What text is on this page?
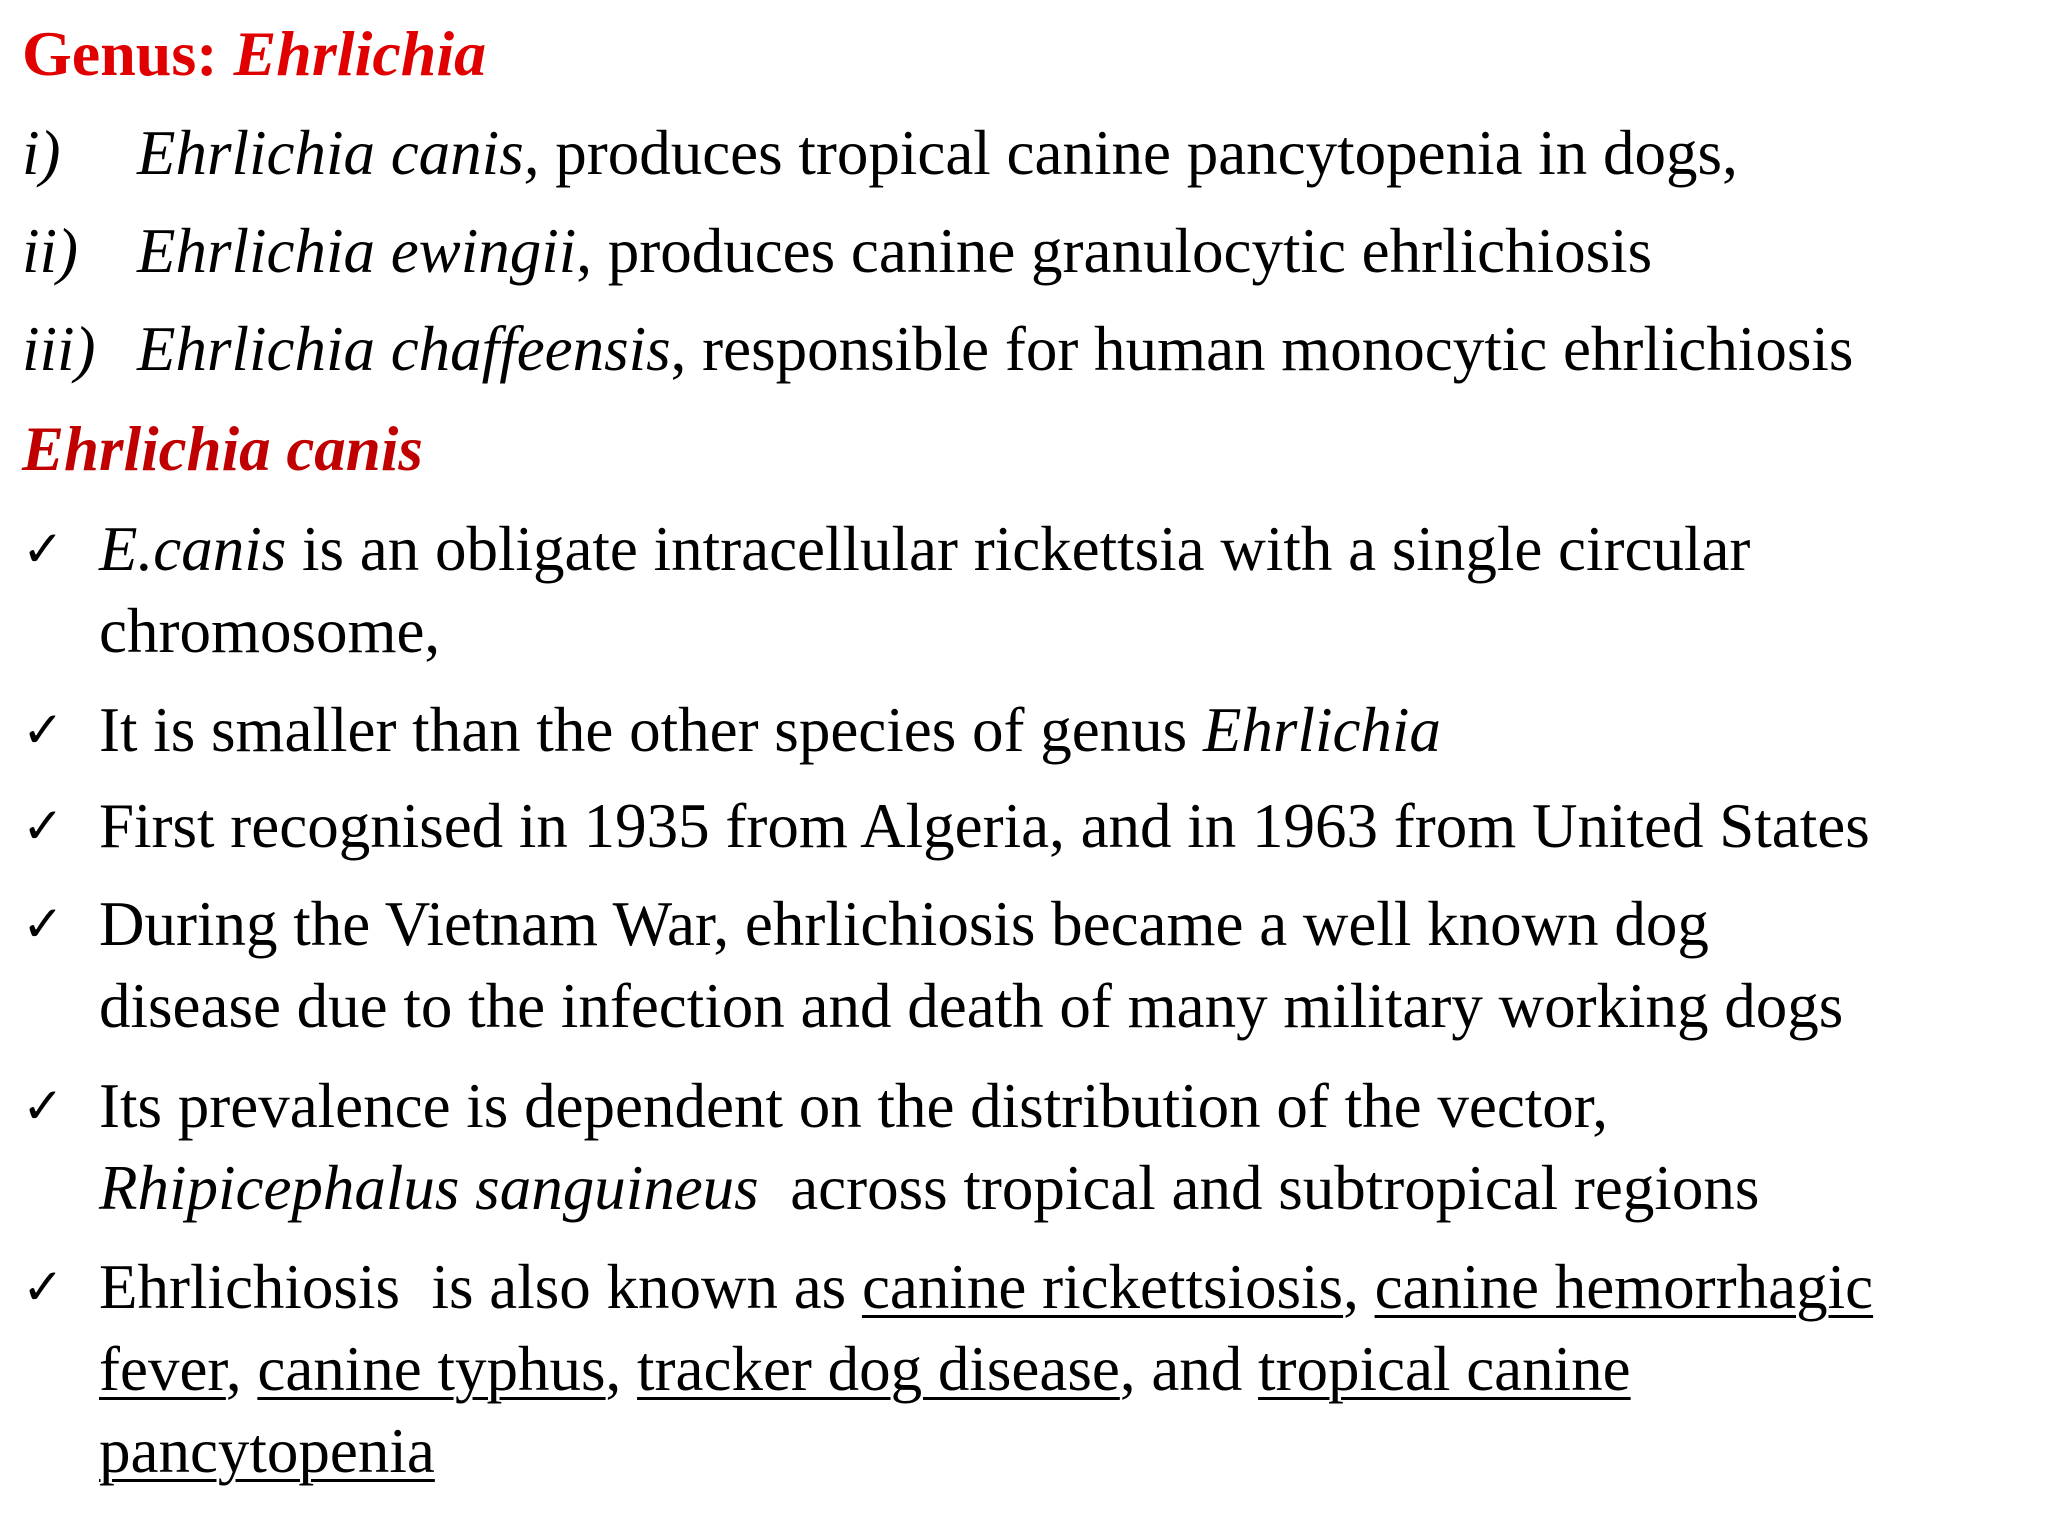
Genus: Ehrlichia
i) Ehrlichia canis, produces tropical canine pancytopenia in dogs,
ii) Ehrlichia ewingii, produces canine granulocytic ehrlichiosis
iii) Ehrlichia chaffeensis, responsible for human monocytic ehrlichiosis
Ehrlichia canis
✓ E.canis is an obligate intracellular rickettsia with a single circular
chromosome,
✓ It is smaller than the other species of genus Ehrlichia
✓ First recognised in 1935 from Algeria, and in 1963 from United States
✓ During the Vietnam War, ehrlichiosis became a well known dog
disease due to the infection and death of many military working dogs
✓ Its prevalence is dependent on the distribution of the vector,
Rhipicephalus sanguineus  across tropical and subtropical regions
✓ Ehrlichiosis  is also known as canine rickettsiosis, canine hemorrhagic
fever, canine typhus, tracker dog disease, and tropical canine
pancytopenia
